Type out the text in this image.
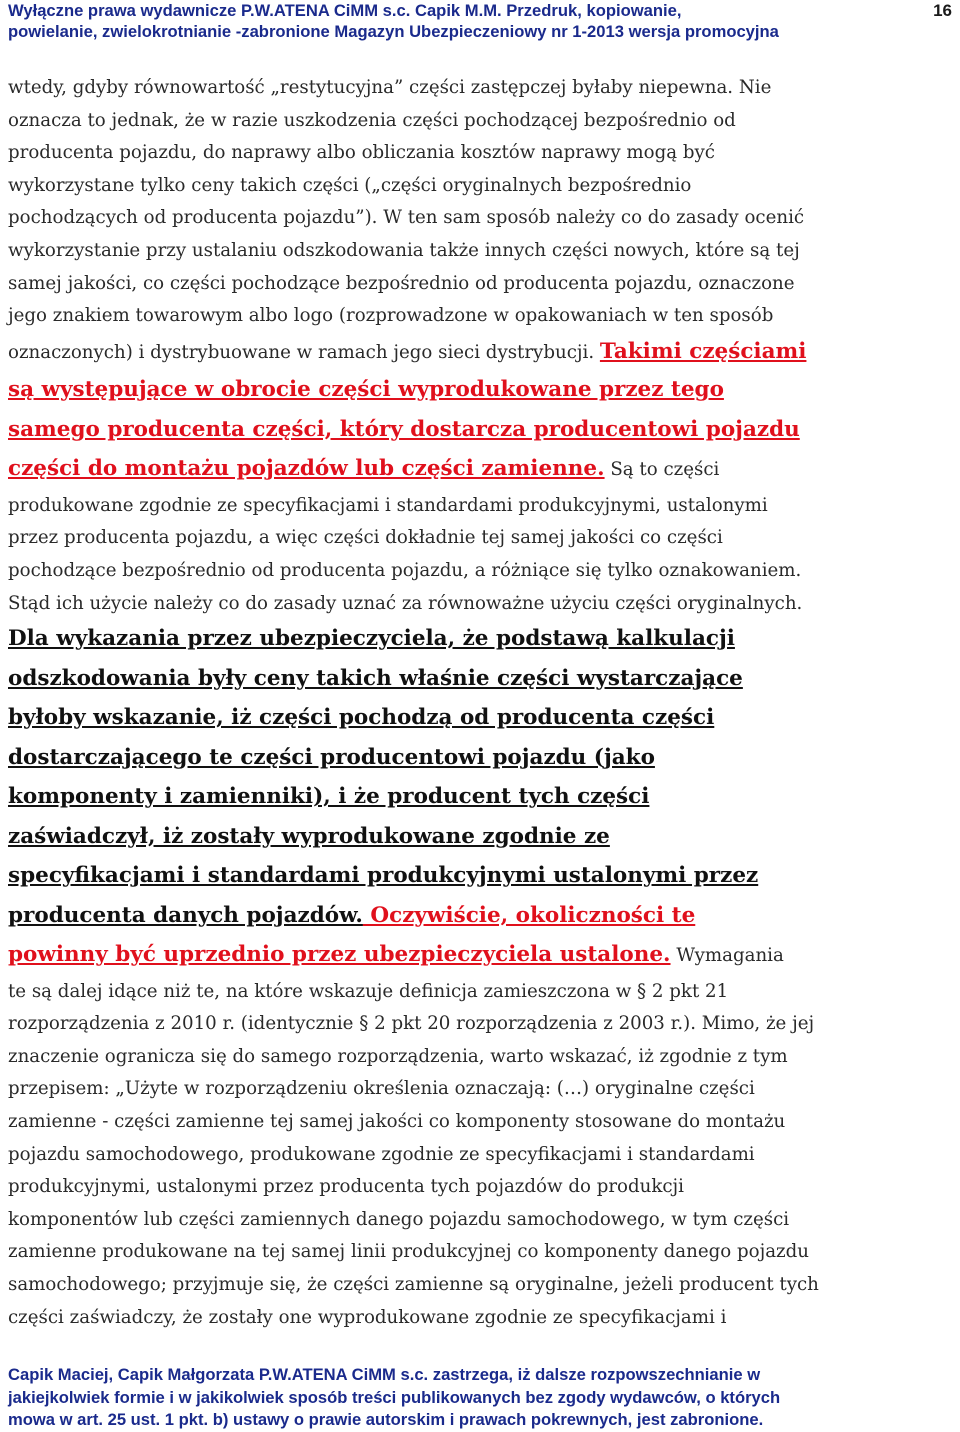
Wyłączne prawa wydawnicze P.W.ATENA CiMM s.c. Capik M.M. Przedruk, kopiowanie,
powielanie, zwielokrotnianie -zabronione Magazyn Ubezpieczeniowy nr 1-2013 wersja promocyjna
16

wtedy, gdyby równowartość „restytucyjna” części zastępczej byłaby niepewna. Nie

oznacza to jednak, że w razie uszkodzenia części pochodzącej bezpośrednio od

producenta pojazdu, do naprawy albo obliczania kosztów naprawy mogą być

wykorzystane tylko ceny takich części („części oryginalnych bezpośrednio

pochodzących od producenta pojazdu”). W ten sam sposób należy co do zasady ocenić

wykorzystanie przy ustalaniu odszkodowania także innych części nowych, które są tej

samej jakości, co części pochodzące bezpośrednio od producenta pojazdu, oznaczone

jego znakiem towarowym albo logo (rozprowadzone w opakowaniach w ten sposób

oznaczonych) i dystrybuowane w ramach jego sieci dystrybucji. Takimi częściami

są występujące w obrocie części wyprodukowane przez tego

samego producenta części, który dostarcza producentowi pojazdu

części do montażu pojazdów lub części zamienne. Są to części

produkowane zgodnie ze specyfikacjami i standardami produkcyjnymi, ustalonymi

przez producenta pojazdu, a więc części dokładnie tej samej jakości co części

pochodzące bezpośrednio od producenta pojazdu, a różniące się tylko oznakowaniem.

Stąd ich użycie należy co do zasady uznać za równoważne użyciu części oryginalnych.

Dla wykazania przez ubezpieczyciela, że podstawą kalkulacji

odszkodowania były ceny takich właśnie części wystarczające

byłoby wskazanie, iż części pochodzą od producenta części

dostarczającego te części producentowi pojazdu (jako

komponenty i zamienniki), i że producent tych części

zaświadczył, iż zostały wyprodukowane zgodnie ze

specyfikacjami i standardami produkcyjnymi ustalonymi przez

producenta danych pojazdów. Oczywiście, okoliczności te

powinny być uprzednio przez ubezpieczyciela ustalone. Wymagania

te są dalej idące niż te, na które wskazuje definicja zamieszczona w § 2 pkt 21

rozporządzenia z 2010 r. (identycznie § 2 pkt 20 rozporządzenia z 2003 r.). Mimo, że jej

znaczenie ogranicza się do samego rozporządzenia, warto wskazać, iż zgodnie z tym

przepisem: „Użyte w rozporządzeniu określenia oznaczają: (…) oryginalne części

zamienne - części zamienne tej samej jakości co komponenty stosowane do montażu

pojazdu samochodowego, produkowane zgodnie ze specyfikacjami i standardami

produkcyjnymi, ustalonymi przez producenta tych pojazdów do produkcji

komponentów lub części zamiennych danego pojazdu samochodowego, w tym części

zamienne produkowane na tej samej linii produkcyjnej co komponenty danego pojazdu

samochodowego; przyjmuje się, że części zamienne są oryginalne, jeżeli producent tych

części zaświadczy, że zostały one wyprodukowane zgodnie ze specyfikacjami i

Capik Maciej, Capik Małgorzata P.W.ATENA CiMM s.c. zastrzega, iż dalsze rozpowszechnianie w
jakiejkolwiek formie i w jakikolwiek sposób treści publikowanych bez zgody wydawców, o których
mowa w art. 25 ust. 1 pkt. b) ustawy o prawie autorskim i prawach pokrewnych, jest zabronione.
